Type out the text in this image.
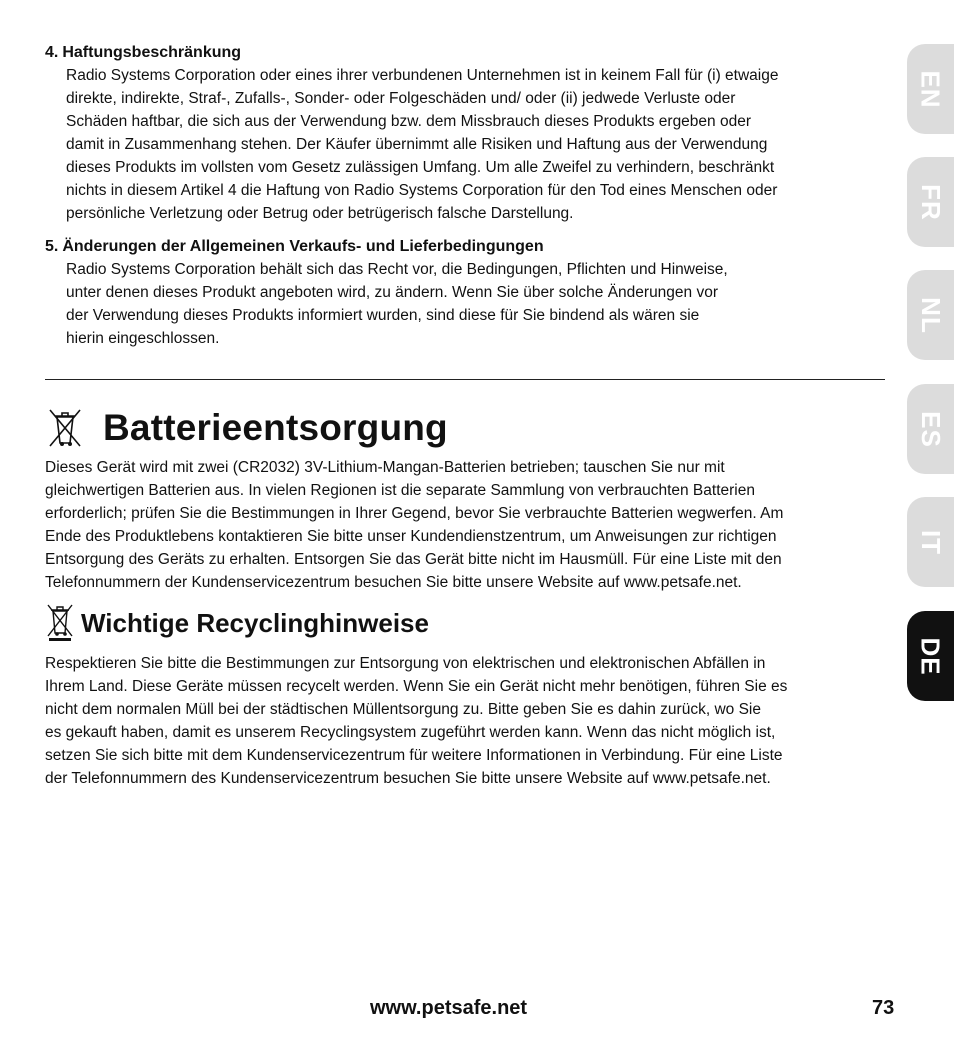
4. Haftungsbeschränkung
Radio Systems Corporation oder eines ihrer verbundenen Unternehmen ist in keinem Fall für (i) etwaige
direkte, indirekte, Straf-, Zufalls-, Sonder- oder Folgeschäden und/ oder (ii) jedwede Verluste oder
Schäden haftbar, die sich aus der Verwendung bzw. dem Missbrauch dieses Produkts ergeben oder
damit in Zusammenhang stehen. Der Käufer übernimmt alle Risiken und Haftung aus der Verwendung
dieses Produkts im vollsten vom Gesetz zulässigen Umfang. Um alle Zweifel zu verhindern, beschränkt
nichts in diesem Artikel 4 die Haftung von Radio Systems Corporation für den Tod eines Menschen oder
persönliche Verletzung oder Betrug oder betrügerisch falsche Darstellung.
5. Änderungen der Allgemeinen Verkaufs- und Lieferbedingungen
Radio Systems Corporation behält sich das Recht vor, die Bedingungen, Pflichten und Hinweise,
unter denen dieses Produkt angeboten wird, zu ändern. Wenn Sie über solche Änderungen vor
der Verwendung dieses Produkts informiert wurden, sind diese für Sie bindend als wären sie
hierin eingeschlossen.
Batterieentsorgung
Dieses Gerät wird mit zwei (CR2032) 3V-Lithium-Mangan-Batterien betrieben; tauschen Sie nur mit
gleichwertigen Batterien aus. In vielen Regionen ist die separate Sammlung von verbrauchten Batterien
erforderlich; prüfen Sie die Bestimmungen in Ihrer Gegend, bevor Sie verbrauchte Batterien wegwerfen. Am
Ende des Produktlebens kontaktieren Sie bitte unser Kundendienstzentrum, um Anweisungen zur richtigen
Entsorgung des Geräts zu erhalten. Entsorgen Sie das Gerät bitte nicht im Hausmüll. Für eine Liste mit den
Telefonnummern der Kundenservicezentrum besuchen Sie bitte unsere Website auf www.petsafe.net.
Wichtige Recyclinghinweise
Respektieren Sie bitte die Bestimmungen zur Entsorgung von elektrischen und elektronischen Abfällen in
Ihrem Land. Diese Geräte müssen recycelt werden. Wenn Sie ein Gerät nicht mehr benötigen, führen Sie es
nicht dem normalen Müll bei der städtischen Müllentsorgung zu. Bitte geben Sie es dahin zurück, wo Sie
es gekauft haben, damit es unserem Recyclingsystem zugeführt werden kann. Wenn das nicht möglich ist,
setzen Sie sich bitte mit dem Kundenservicezentrum für weitere Informationen in Verbindung. Für eine Liste
der Telefonnummern des Kundenservicezentrum besuchen Sie bitte unsere Website auf www.petsafe.net.
EN
FR
NL
ES
IT
DE
www.petsafe.net	73
